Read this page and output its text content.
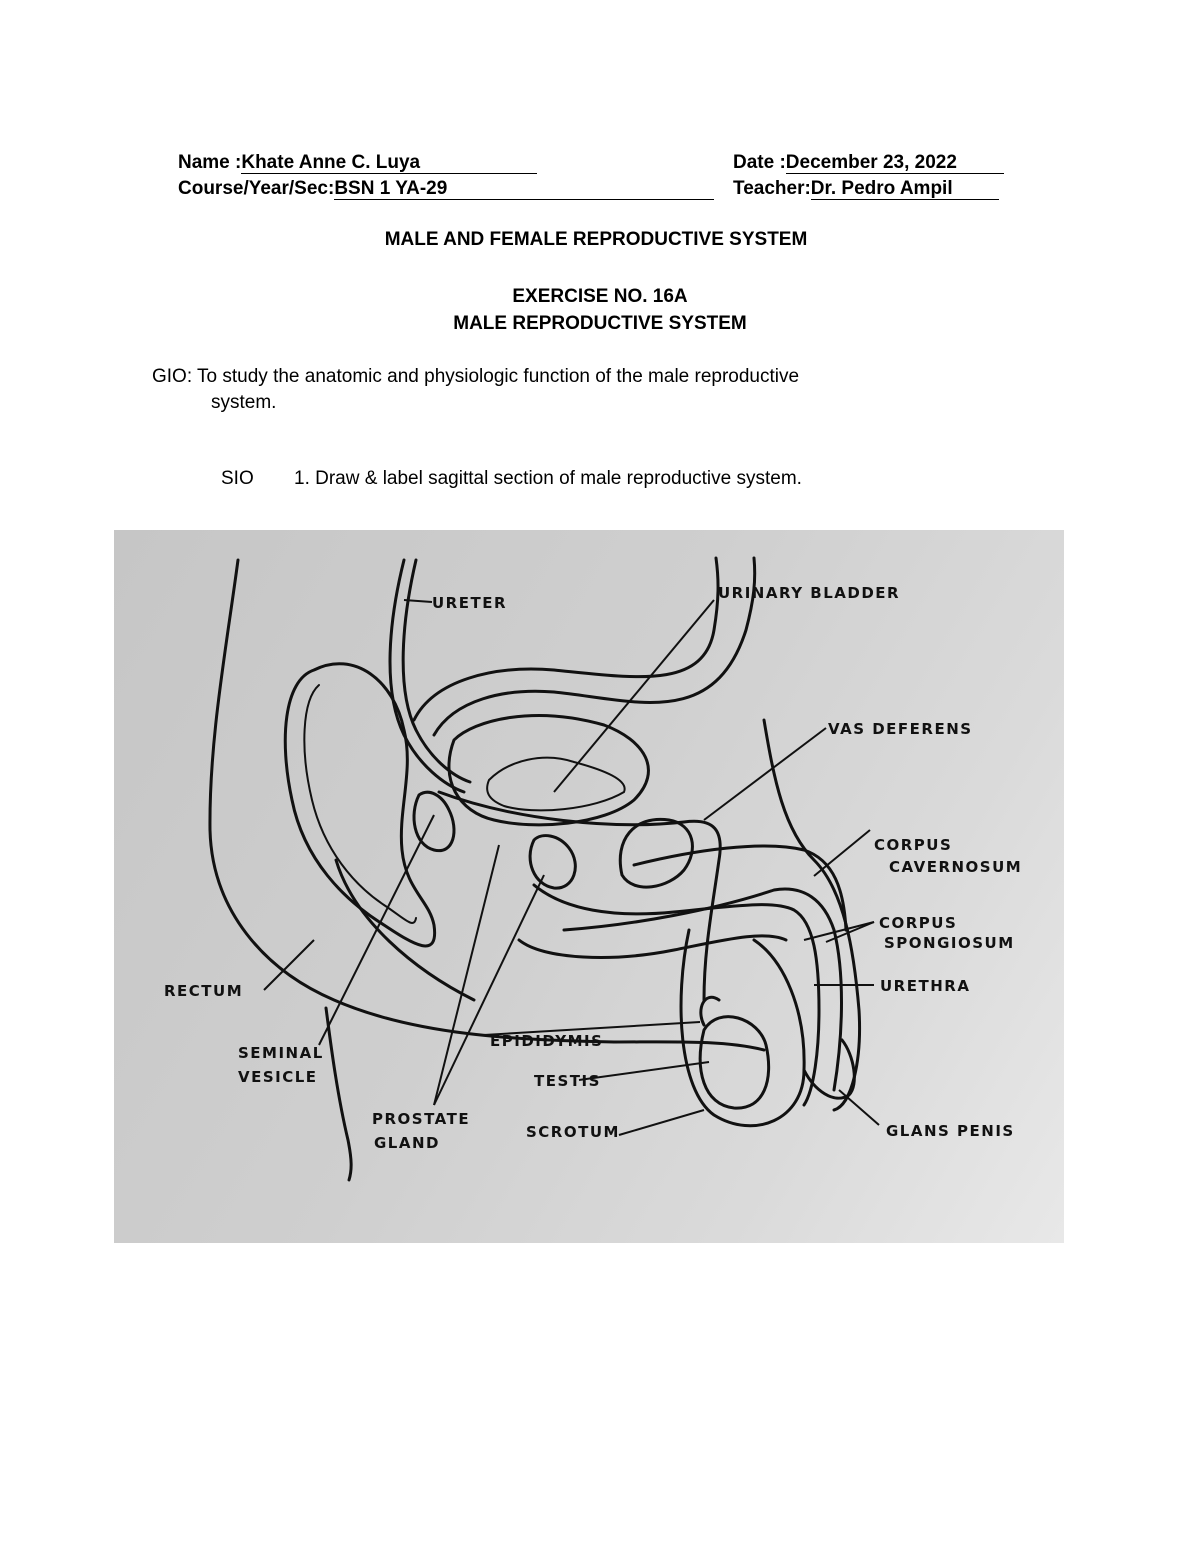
Name :Khate Anne C. Luya
Course/Year/Sec:BSN 1 YA-29
Date :December 23, 2022
Teacher:Dr. Pedro Ampil
MALE AND FEMALE REPRODUCTIVE SYSTEM
EXERCISE NO. 16A
MALE REPRODUCTIVE SYSTEM
GIO: To study the anatomic and physiologic function of the male reproductive
system.
SIO 1. Draw & label sagittal section of male reproductive system.
URETER
URINARY BLADDER
VAS DEFERENS
CORPUS
CAVERNOSUM
CORPUS
SPONGIOSUM
URETHRA
RECTUM
SEMINAL
VESICLE
EPIDIDYMIS
TESTIS
PROSTATE
GLAND
SCROTUM	GLANS PENIS
